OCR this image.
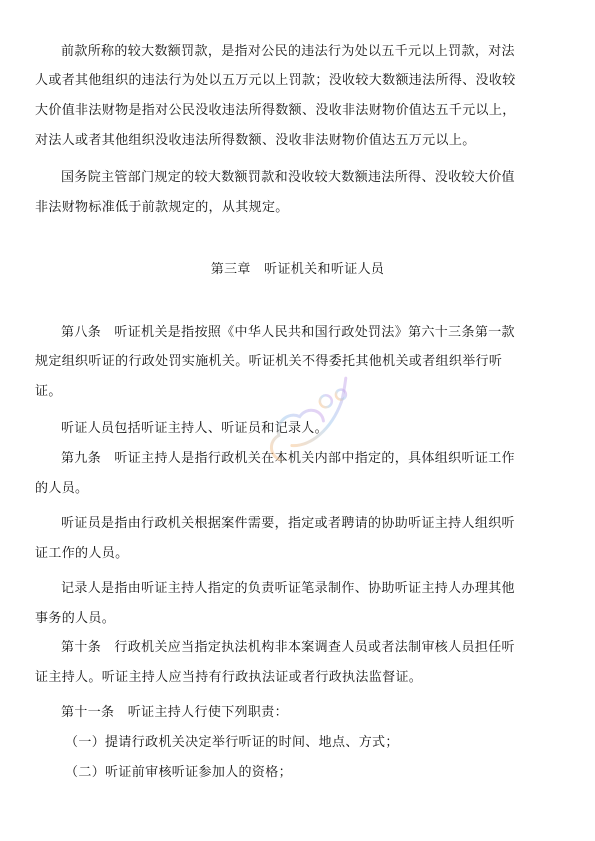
前款所称的较大数额罚款，是指对公民的违法行为处以五千元以上罚款，对法
人或者其他组织的违法行为处以五万元以上罚款；没收较大数额违法所得、没收较
大价值非法财物是指对公民没收违法所得数额、没收非法财物价值达五千元以上，
对法人或者其他组织没收违法所得数额、没收非法财物价值达五万元以上。
国务院主管部门规定的较大数额罚款和没收较大数额违法所得、没收较大价值
非法财物标准低于前款规定的，从其规定。
第三章　听证机关和听证人员
第八条　听证机关是指按照《中华人民共和国行政处罚法》第六十三条第一款
规定组织听证的行政处罚实施机关。听证机关不得委托其他机关或者组织举行听
证。
听证人员包括听证主持人、听证员和记录人。
第九条　听证主持人是指行政机关在本机关内部中指定的，具体组织听证工作
的人员。
听证员是指由行政机关根据案件需要，指定或者聘请的协助听证主持人组织听
证工作的人员。
记录人是指由听证主持人指定的负责听证笔录制作、协助听证主持人办理其他
事务的人员。
第十条　行政机关应当指定执法机构非本案调查人员或者法制审核人员担任听
证主持人。听证主持人应当持有行政执法证或者行政执法监督证。
第十一条　听证主持人行使下列职责：
（一）提请行政机关决定举行听证的时间、地点、方式；
（二）听证前审核听证参加人的资格；
